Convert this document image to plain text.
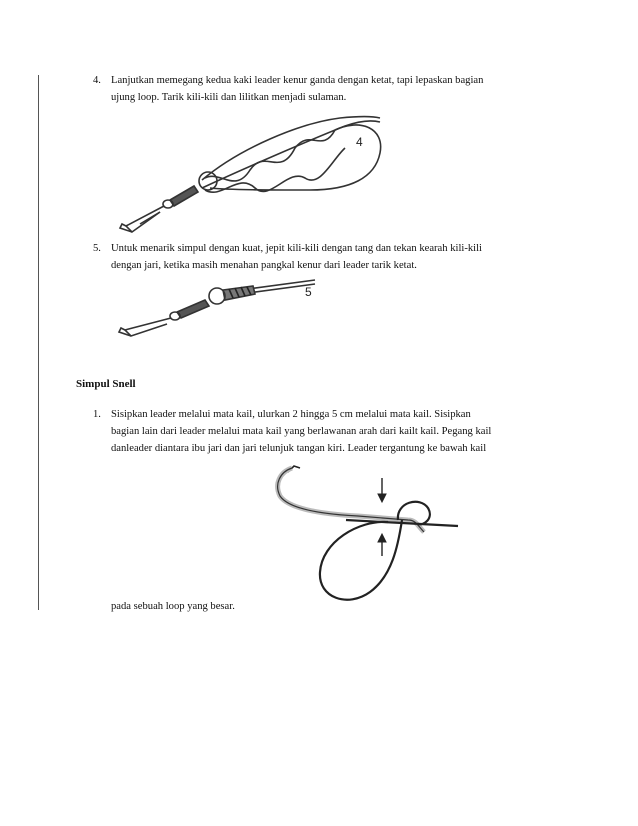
4. Lanjutkan memegang kedua kaki leader kenur ganda dengan ketat, tapi lepaskan bagian
ujung loop. Tarik kili-kili dan lilitkan menjadi sulaman.
4
5. Untuk menarik simpul dengan kuat, jepit kili-kili dengan tang dan tekan kearah kili-kili
dengan jari, ketika masih menahan pangkal kenur dari leader tarik ketat.
5
Simpul Snell
1. Sisipkan leader melalui mata kail, ulurkan 2 hingga 5 cm melalui mata kail. Sisipkan
bagian lain dari leader melalui mata kail yang berlawanan arah dari kailt kail. Pegang kail
danleader diantara ibu jari dan jari telunjuk tangan kiri. Leader tergantung ke bawah kail
pada sebuah loop yang besar.
